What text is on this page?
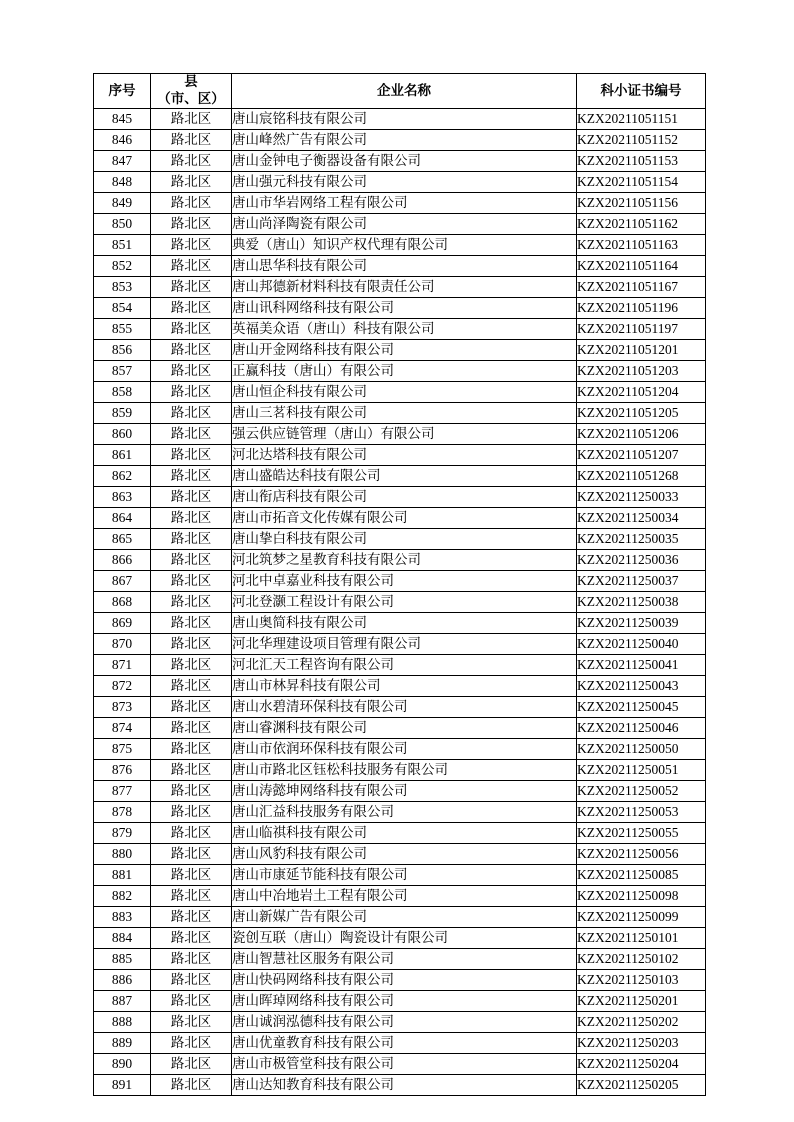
序号	县
（市、区）	企业名称	科小证书编号
845	路北区	唐山宸铭科技有限公司	KZX20211051151
846	路北区	唐山峰然广告有限公司	KZX20211051152
847	路北区	唐山金钟电子衡器设备有限公司	KZX20211051153
848	路北区	唐山强元科技有限公司	KZX20211051154
849	路北区	唐山市华岩网络工程有限公司	KZX20211051156
850	路北区	唐山尚泽陶瓷有限公司	KZX20211051162
851	路北区	典爱（唐山）知识产权代理有限公司	KZX20211051163
852	路北区	唐山思华科技有限公司	KZX20211051164
853	路北区	唐山邦德新材料科技有限责任公司	KZX20211051167
854	路北区	唐山讯科网络科技有限公司	KZX20211051196
855	路北区	英福美众语（唐山）科技有限公司	KZX20211051197
856	路北区	唐山开金网络科技有限公司	KZX20211051201
857	路北区	正赢科技（唐山）有限公司	KZX20211051203
858	路北区	唐山恒企科技有限公司	KZX20211051204
859	路北区	唐山三茗科技有限公司	KZX20211051205
860	路北区	强云供应链管理（唐山）有限公司	KZX20211051206
861	路北区	河北达塔科技有限公司	KZX20211051207
862	路北区	唐山盛皓达科技有限公司	KZX20211051268
863	路北区	唐山衔店科技有限公司	KZX20211250033
864	路北区	唐山市拓音文化传媒有限公司	KZX20211250034
865	路北区	唐山挚白科技有限公司	KZX20211250035
866	路北区	河北筑梦之星教育科技有限公司	KZX20211250036
867	路北区	河北中卓嘉业科技有限公司	KZX20211250037
868	路北区	河北登灏工程设计有限公司	KZX20211250038
869	路北区	唐山奥简科技有限公司	KZX20211250039
870	路北区	河北华理建设项目管理有限公司	KZX20211250040
871	路北区	河北汇天工程咨询有限公司	KZX20211250041
872	路北区	唐山市林昇科技有限公司	KZX20211250043
873	路北区	唐山水碧清环保科技有限公司	KZX20211250045
874	路北区	唐山睿渊科技有限公司	KZX20211250046
875	路北区	唐山市依润环保科技有限公司	KZX20211250050
876	路北区	唐山市路北区钰松科技服务有限公司	KZX20211250051
877	路北区	唐山涛懿坤网络科技有限公司	KZX20211250052
878	路北区	唐山汇益科技服务有限公司	KZX20211250053
879	路北区	唐山临祺科技有限公司	KZX20211250055
880	路北区	唐山风豹科技有限公司	KZX20211250056
881	路北区	唐山市康延节能科技有限公司	KZX20211250085
882	路北区	唐山中冶地岩土工程有限公司	KZX20211250098
883	路北区	唐山新媒广告有限公司	KZX20211250099
884	路北区	瓷创互联（唐山）陶瓷设计有限公司	KZX20211250101
885	路北区	唐山智慧社区服务有限公司	KZX20211250102
886	路北区	唐山快码网络科技有限公司	KZX20211250103
887	路北区	唐山晖琸网络科技有限公司	KZX20211250201
888	路北区	唐山诚润泓德科技有限公司	KZX20211250202
889	路北区	唐山优童教育科技有限公司	KZX20211250203
890	路北区	唐山市极管堂科技有限公司	KZX20211250204
891	路北区	唐山达知教育科技有限公司	KZX20211250205
